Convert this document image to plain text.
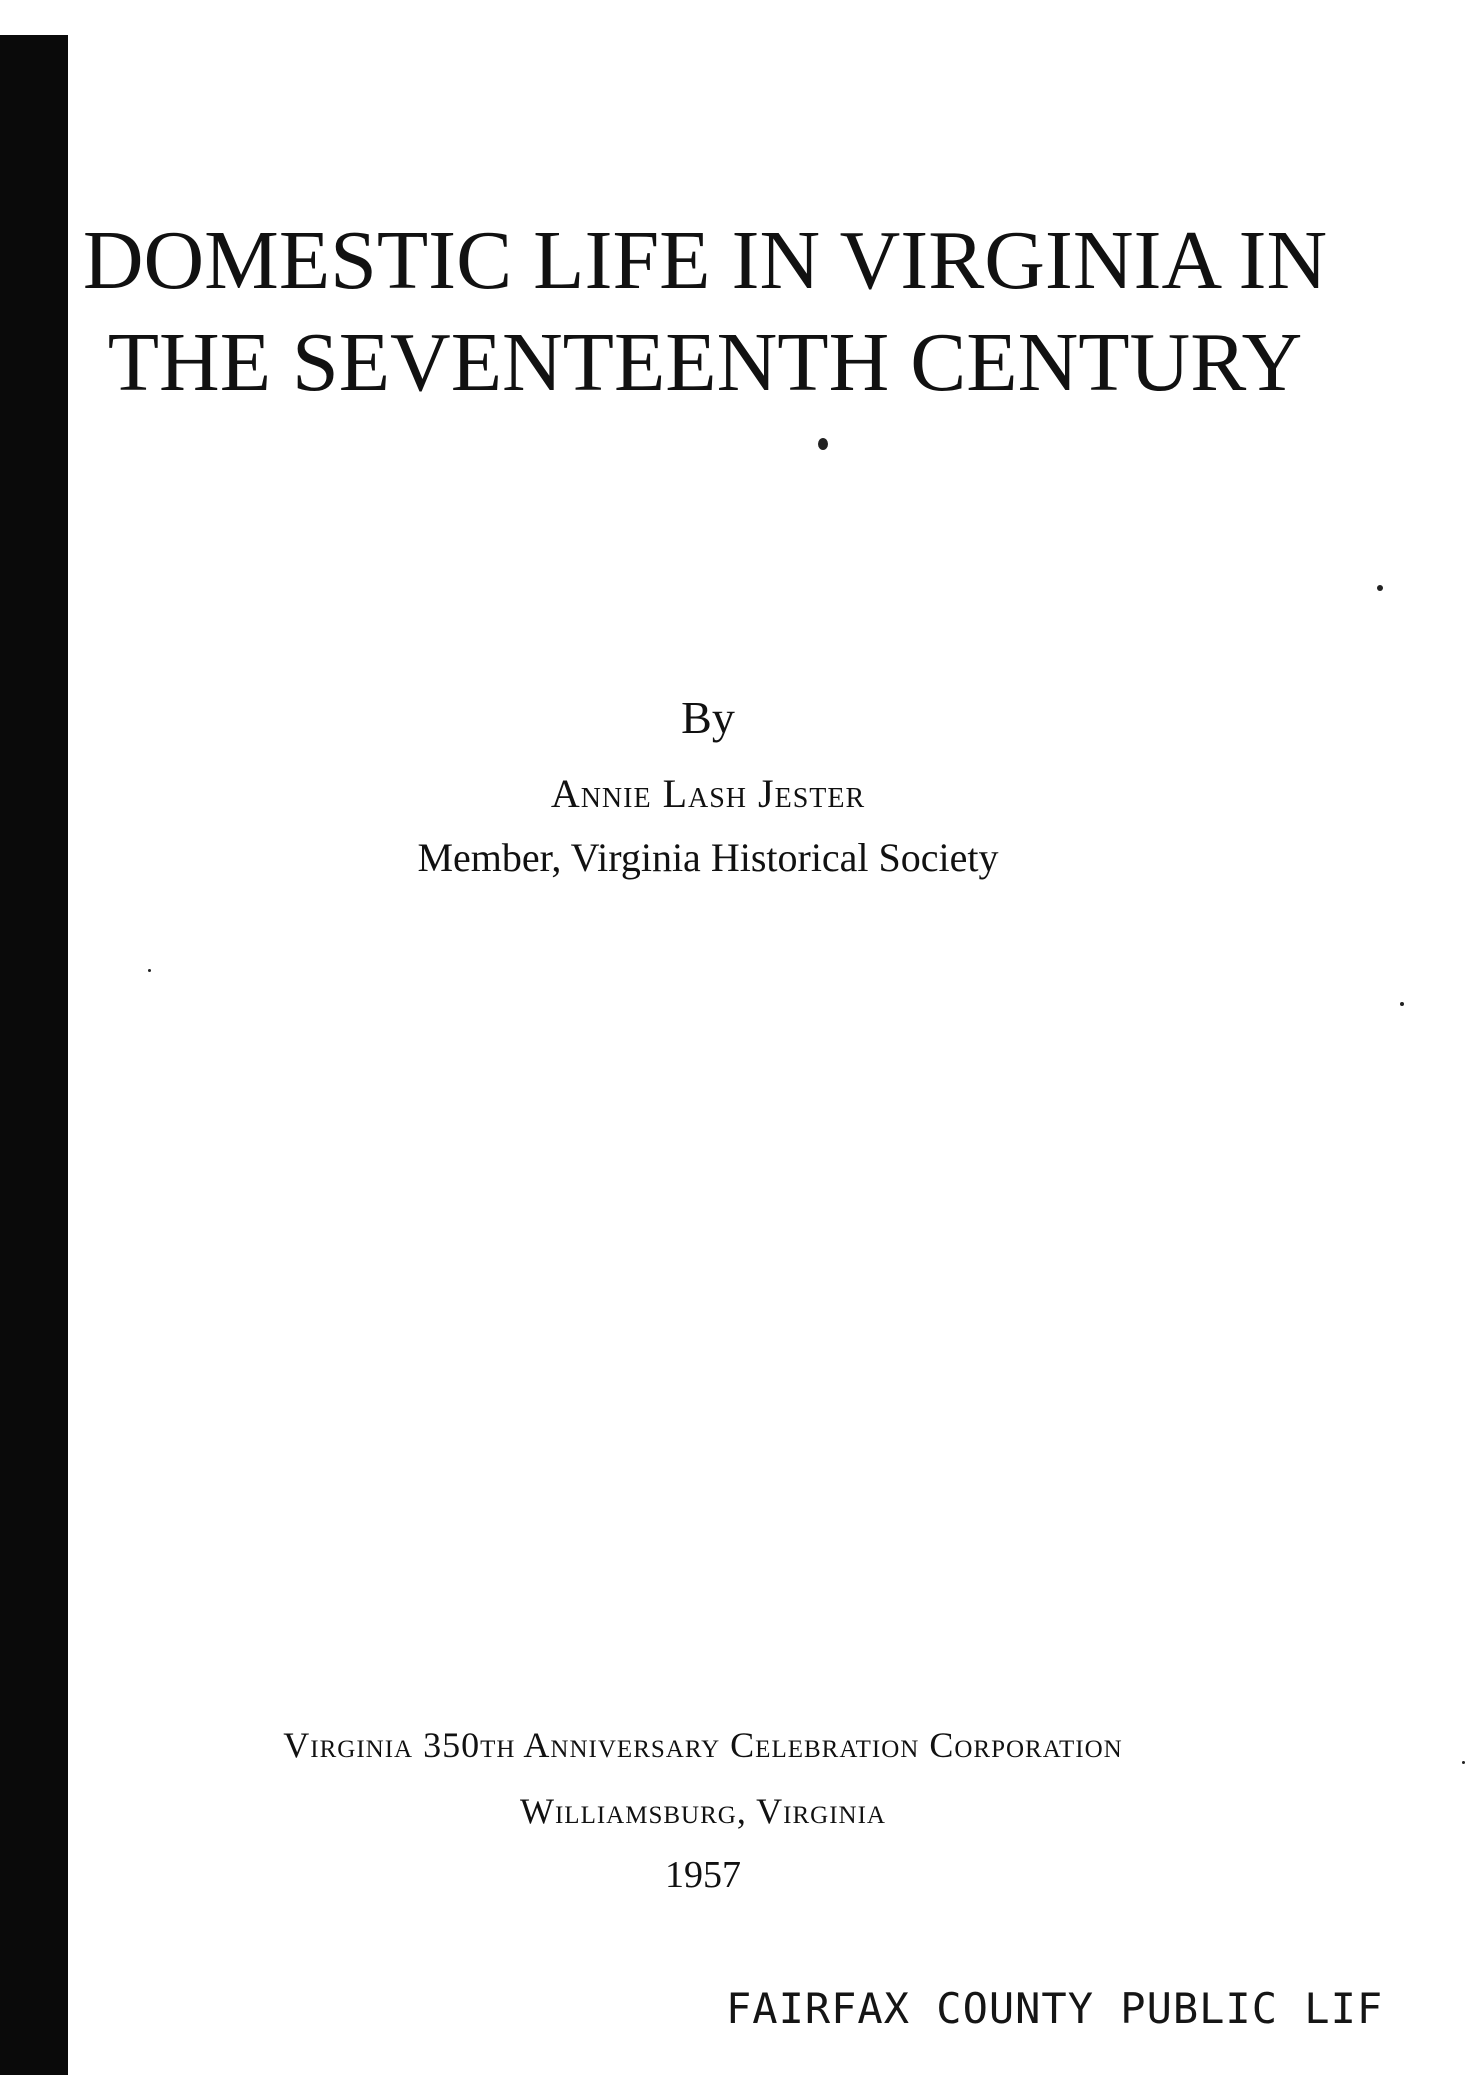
DOMESTIC LIFE IN VIRGINIA IN
THE SEVENTEENTH CENTURY
By
Annie Lash Jester
Member, Virginia Historical Society
Virginia 350th Anniversary Celebration Corporation
Williamsburg, Virginia
1957
FAIRFAX COUNTY PUBLIC LIF
